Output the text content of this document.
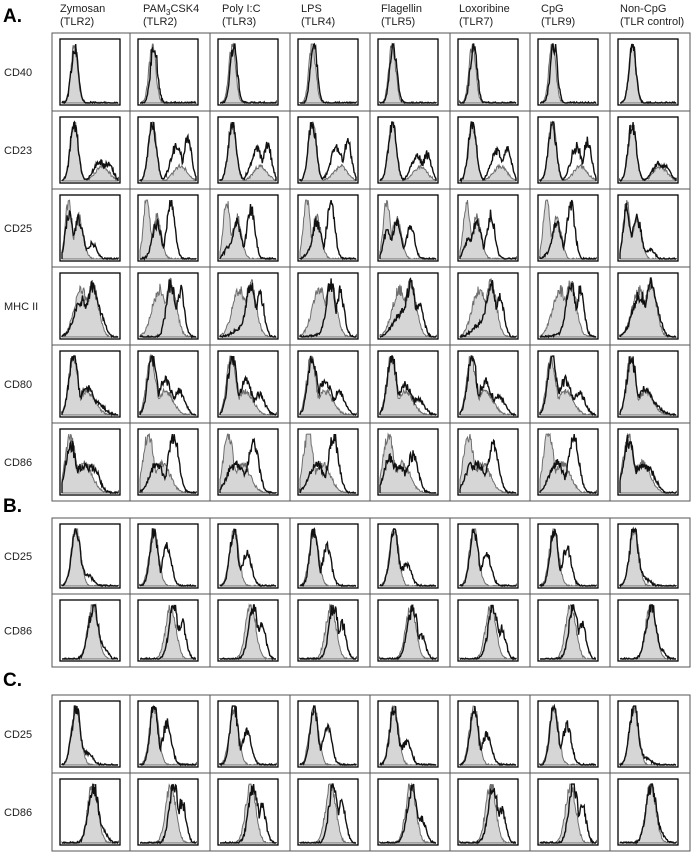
Zymosan
(TLR2)
$PAM_3CSK4$
(TLR2)
Poly I:C
(TLR3)
LPS
(TLR4)
Flagellin
(TLR5)
Loxoribine
(TLR7)
CpG
(TLR9)
Non-CpG
(TLR control)
A.
CD40
CD23
CD25
MHC II
CD80
CD86
B.
CD25
CD86
C.
CD25
CD86
